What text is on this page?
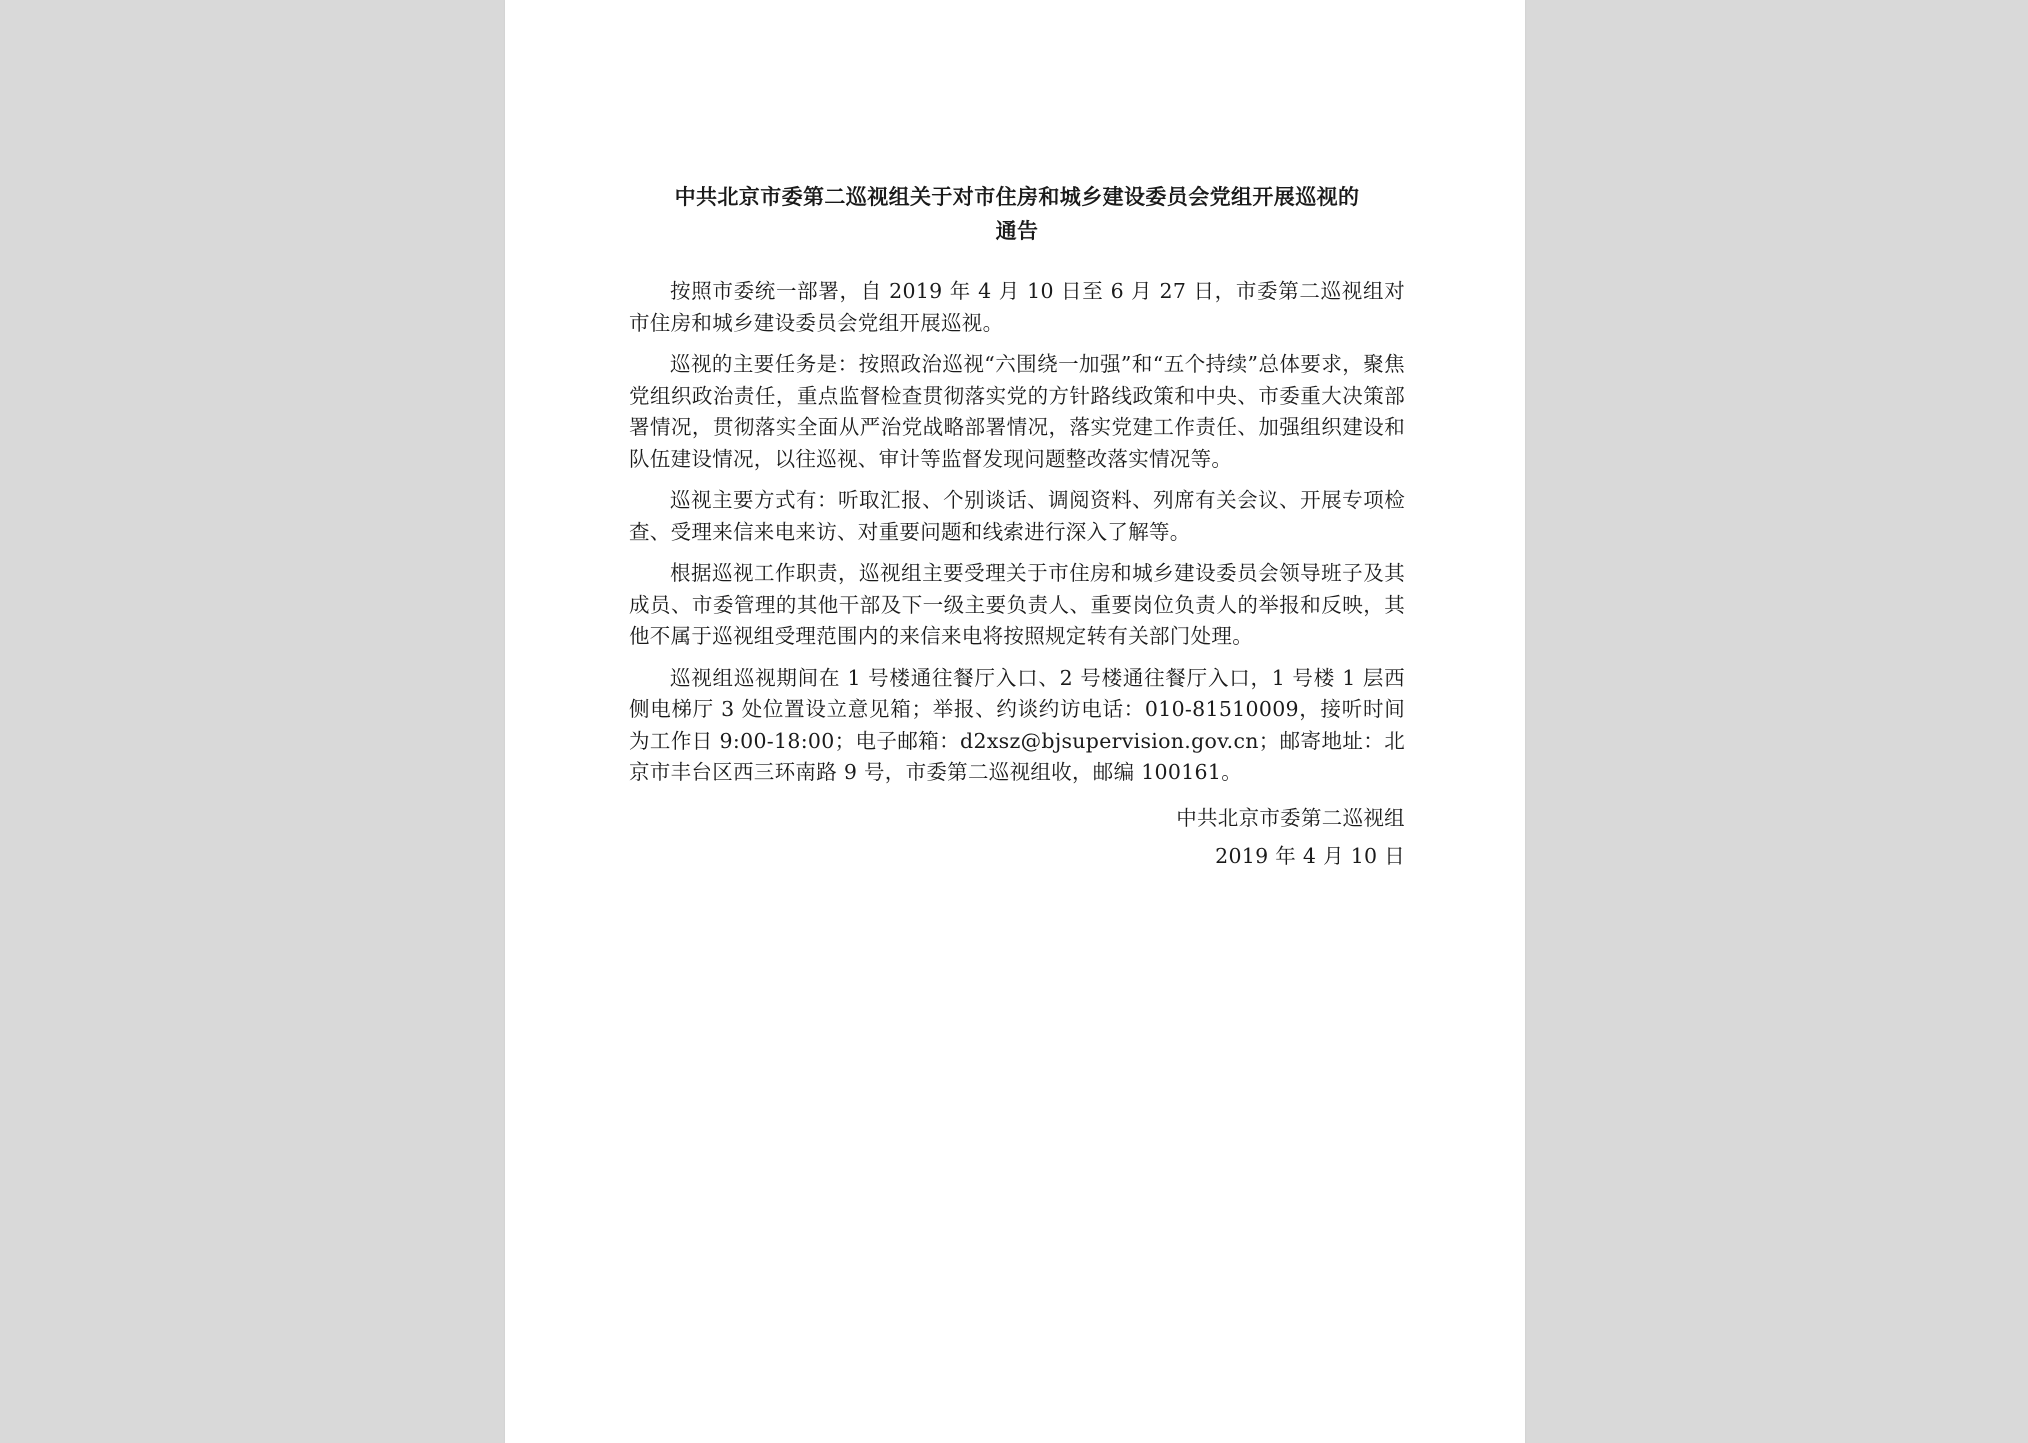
中共北京市委第二巡视组关于对市住房和城乡建设委员会党组开展巡视的
通告

按照市委统一部署，自 2019 年 4 月 10 日至 6 月 27 日，市委第二巡视组对市住房和城乡建设委员会党组开展巡视。

巡视的主要任务是：按照政治巡视“六围绕一加强”和“五个持续”总体要求，聚焦党组织政治责任，重点监督检查贯彻落实党的方针路线政策和中央、市委重大决策部署情况，贯彻落实全面从严治党战略部署情况，落实党建工作责任、加强组织建设和队伍建设情况，以往巡视、审计等监督发现问题整改落实情况等。

巡视主要方式有：听取汇报、个别谈话、调阅资料、列席有关会议、开展专项检查、受理来信来电来访、对重要问题和线索进行深入了解等。

根据巡视工作职责，巡视组主要受理关于市住房和城乡建设委员会领导班子及其成员、市委管理的其他干部及下一级主要负责人、重要岗位负责人的举报和反映，其他不属于巡视组受理范围内的来信来电将按照规定转有关部门处理。

巡视组巡视期间在 1 号楼通往餐厅入口、2 号楼通往餐厅入口，1 号楼 1 层西侧电梯厅 3 处位置设立意见箱；举报、约谈约访电话：010-81510009，接听时间为工作日 9:00-18:00；电子邮箱：d2xsz@bjsupervision.gov.cn；邮寄地址：北京市丰台区西三环南路 9 号，市委第二巡视组收，邮编 100161。

中共北京市委第二巡视组
2019 年 4 月 10 日
